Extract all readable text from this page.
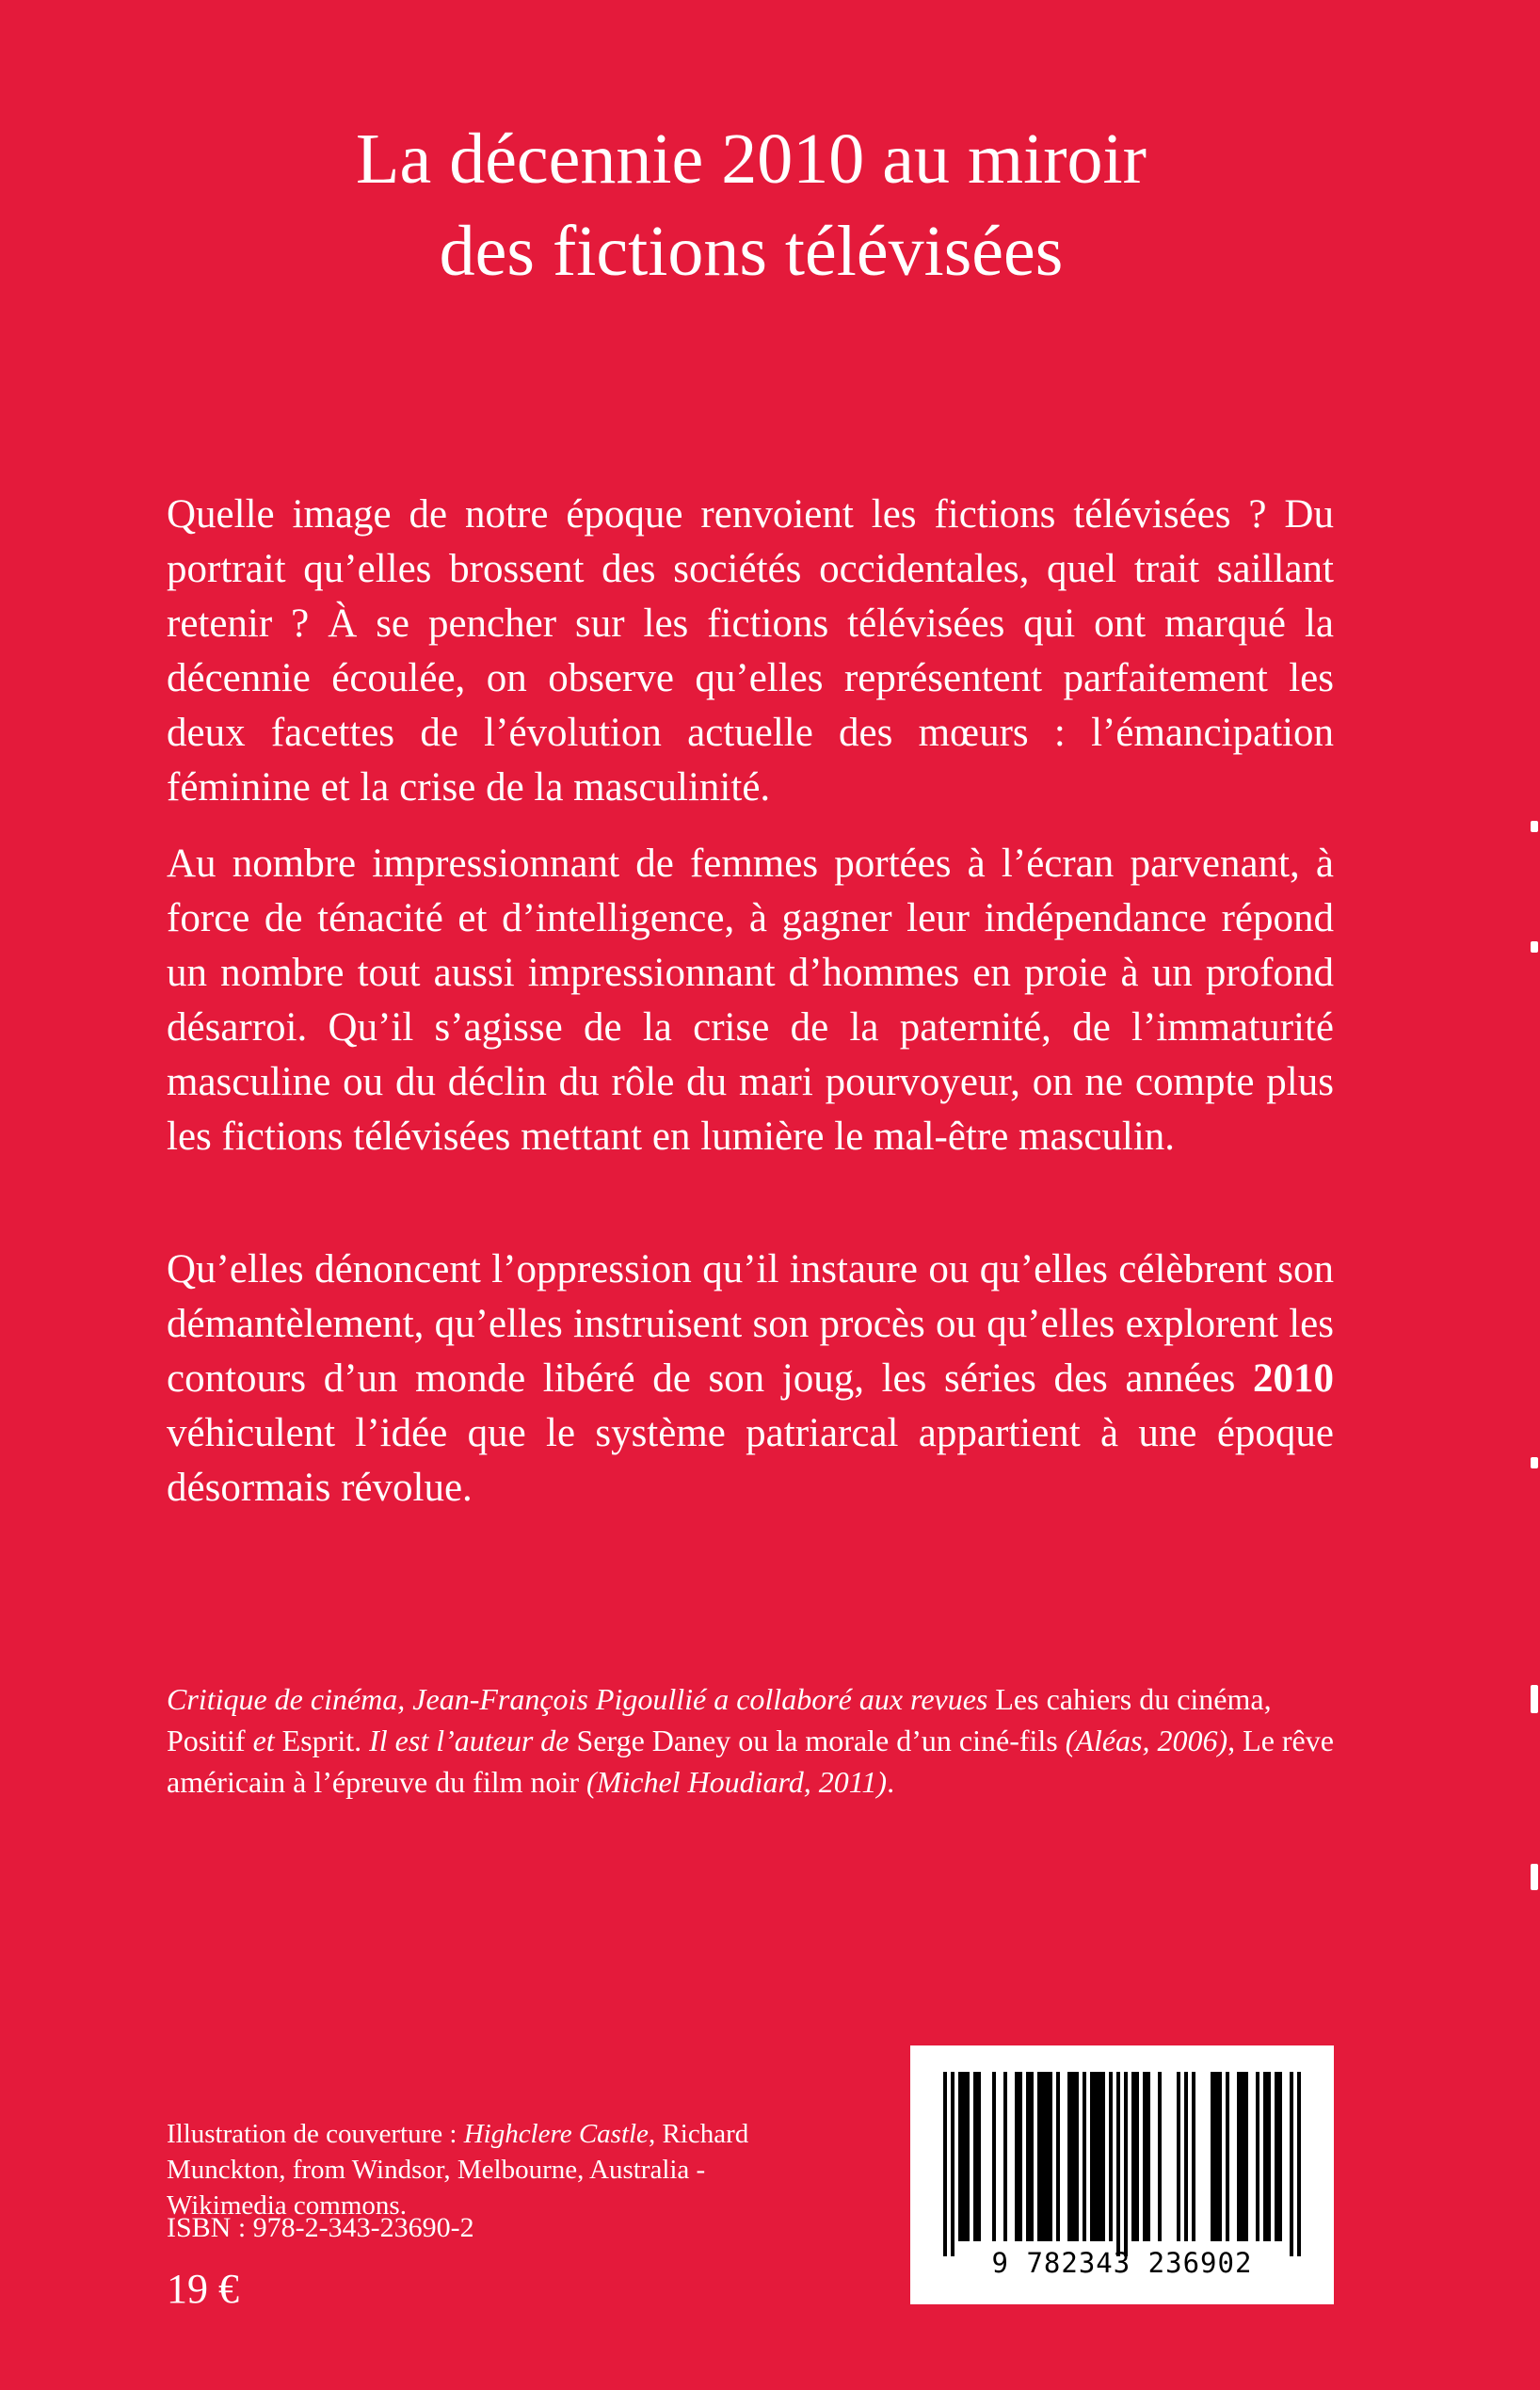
La décennie 2010 au miroir
des fictions télévisées

Quelle image de notre époque renvoient les fictions télévisées ? Du portrait qu’elles brossent des sociétés occidentales, quel trait saillant retenir ? À se pencher sur les fictions télévisées qui ont marqué la décennie écoulée, on observe qu’elles représentent parfaitement les deux facettes de l’évolution actuelle des mœurs : l’émancipation féminine et la crise de la masculinité.

Au nombre impressionnant de femmes portées à l’écran parvenant, à force de ténacité et d’intelligence, à gagner leur indépendance répond un nombre tout aussi impressionnant d’hommes en proie à un profond désarroi. Qu’il s’agisse de la crise de la paternité, de l’immaturité masculine ou du déclin du rôle du mari pourvoyeur, on ne compte plus les fictions télévisées mettant en lumière le mal-être masculin.

Qu’elles dénoncent l’oppression qu’il instaure ou qu’elles célèbrent son démantèlement, qu’elles instruisent son procès ou qu’elles explorent les contours d’un monde libéré de son joug, les séries des années 2010 véhiculent l’idée que le système patriarcal appartient à une époque désormais révolue.

Critique de cinéma, Jean-François Pigoullié a collaboré aux revues Les cahiers du cinéma, Positif et Esprit. Il est l’auteur de Serge Daney ou la morale d’un ciné-fils (Aléas, 2006), Le rêve américain à l’épreuve du film noir (Michel Houdiard, 2011).

Illustration de couverture : Highclere Castle, Richard Munckton, from Windsor, Melbourne, Australia - Wikimedia commons.

ISBN : 978-2-343-23690-2

19 €

9 782343 236902
